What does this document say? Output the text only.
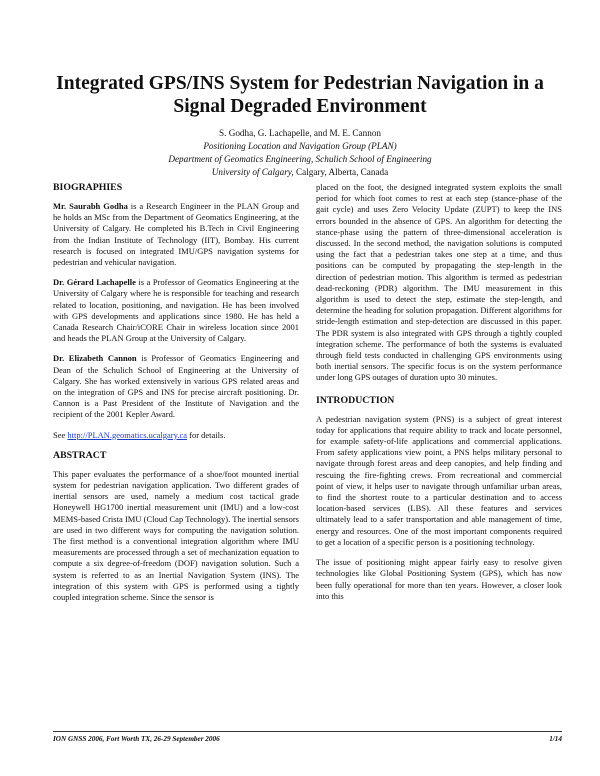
Integrated GPS/INS System for Pedestrian Navigation in a
Signal Degraded Environment
S. Godha, G. Lachapelle, and M. E. Cannon
Positioning Location and Navigation Group (PLAN)
Department of Geomatics Engineering, Schulich School of Engineering
University of Calgary, Calgary, Alberta, Canada
BIOGRAPHIES

Mr. Saurabh Godha is a Research Engineer in the PLAN Group and he holds an MSc from the Department of Geomatics Engineering, at the University of Calgary. He completed his B.Tech in Civil Engineering from the Indian Institute of Technology (IIT), Bombay. His current research is focused on integrated IMU/GPS navigation systems for pedestrian and vehicular navigation.

Dr. Gérard Lachapelle is a Professor of Geomatics Engineering at the University of Calgary where he is responsible for teaching and research related to location, positioning, and navigation. He has been involved with GPS developments and applications since 1980. He has held a Canada Research Chair/iCORE Chair in wireless location since 2001 and heads the PLAN Group at the University of Calgary.

Dr. Elizabeth Cannon is Professor of Geomatics Engineering and Dean of the Schulich School of Engineering at the University of Calgary. She has worked extensively in various GPS related areas and on the integration of GPS and INS for precise aircraft positioning. Dr. Cannon is a Past President of the Institute of Navigation and the recipient of the 2001 Kepler Award.

See http://PLAN.geomatics.ucalgary.ca for details.

ABSTRACT

This paper evaluates the performance of a shoe/foot mounted inertial system for pedestrian navigation application. Two different grades of inertial sensors are used, namely a medium cost tactical grade Honeywell HG1700 inertial measurement unit (IMU) and a low-cost MEMS-based Crista IMU (Cloud Cap Technology). The inertial sensors are used in two different ways for computing the navigation solution. The first method is a conventional integration algorithm where IMU measurements are processed through a set of mechanization equation to compute a six degree-of-freedom (DOF) navigation solution. Such a system is referred to as an Inertial Navigation System (INS). The integration of this system with GPS is performed using a tightly coupled integration scheme. Since the sensor is

placed on the foot, the designed integrated system exploits the small period for which foot comes to rest at each step (stance-phase of the gait cycle) and uses Zero Velocity Update (ZUPT) to keep the INS errors bounded in the absence of GPS. An algorithm for detecting the stance-phase using the pattern of three-dimensional acceleration is discussed. In the second method, the navigation solutions is computed using the fact that a pedestrian takes one step at a time, and thus positions can be computed by propagating the step-length in the direction of pedestrian motion. This algorithm is termed as pedestrian dead-reckoning (PDR) algorithm. The IMU measurement in this algorithm is used to detect the step, estimate the step-length, and determine the heading for solution propagation. Different algorithms for stride-length estimation and step-detection are discussed in this paper. The PDR system is also integrated with GPS through a tightly coupled integration scheme. The performance of both the systems is evaluated through field tests conducted in challenging GPS environments using both inertial sensors. The specific focus is on the system performance under long GPS outages of duration upto 30 minutes.

INTRODUCTION

A pedestrian navigation system (PNS) is a subject of great interest today for applications that require ability to track and locate personnel, for example safety-of-life applications and commercial applications. From safety applications view point, a PNS helps military personal to navigate through forest areas and deep canopies, and help finding and rescuing the fire-fighting crews. From recreational and commercial point of view, it helps user to navigate through unfamiliar urban areas, to find the shortest route to a particular destination and to access location-based services (LBS). All these features and services ultimately lead to a safer transportation and able management of time, energy and resources. One of the most important components required to get a location of a specific person is a positioning technology.

The issue of positioning might appear fairly easy to resolve given technologies like Global Positioning System (GPS), which has now been fully operational for more than ten years. However, a closer look into this

ION GNSS 2006, Fort Worth TX, 26-29 September 2006	1/14
